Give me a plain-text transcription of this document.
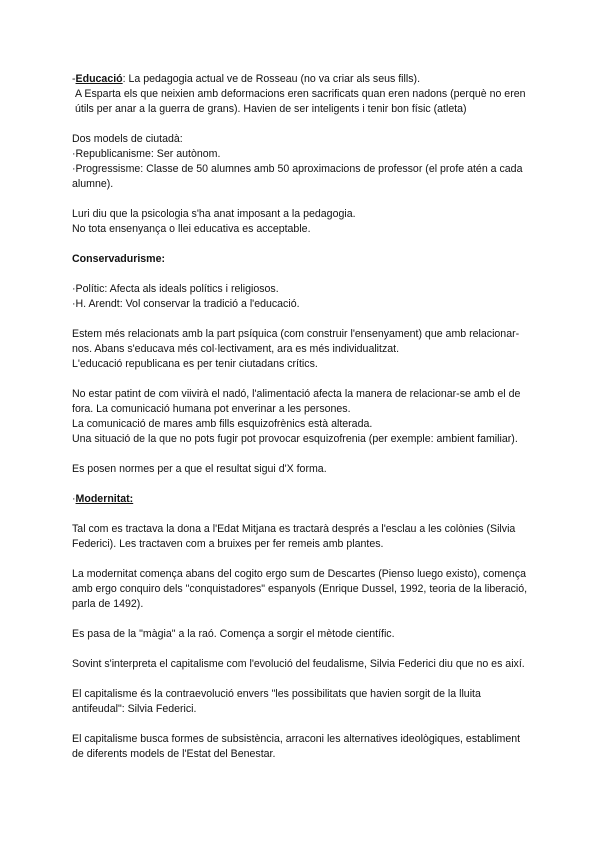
-Educació: La pedagogia actual ve de Rosseau (no va criar als seus fills).

A Esparta els que neixien amb deformacions eren sacrificats quan eren nadons (perquè no eren útils per anar a la guerra de grans). Havien de ser inteligents i tenir bon físic (atleta)

Dos models de ciutadà:

·Republicanisme: Ser autònom.

·Progressisme: Classe de 50 alumnes amb 50 aproximacions de professor (el profe atén a cada alumne).

Luri diu que la psicologia s'ha anat imposant a la pedagogia.

No tota ensenyança o llei educativa es acceptable.

Conservadurisme:

·Polític: Afecta als ideals polítics i religiosos.

·H. Arendt: Vol conservar la tradició a l'educació.

Estem més relacionats amb la part psíquica (com construir l'ensenyament) que amb relacionar-nos. Abans s'educava més col·lectivament, ara es més individualitzat.

L'educació republicana es per tenir ciutadans crítics.

No estar patint de com viivirà el nadó, l'alimentació afecta la manera de relacionar-se amb el de fora. La comunicació humana pot enverinar a les persones.

La comunicació de mares amb fills esquizofrènics està alterada.

Una situació de la que no pots fugir pot provocar esquizofrenia (per exemple: ambient familiar).

Es posen normes per a que el resultat sigui d'X forma.

·Modernitat:

Tal com es tractava la dona a l'Edat Mitjana es tractarà després a l'esclau a les colònies (Silvia Federici). Les tractaven com a bruixes per fer remeis amb plantes.

La modernitat comença abans del cogito ergo sum de Descartes (Pienso luego existo), comença amb ergo conquiro dels "conquistadores" espanyols (Enrique Dussel, 1992, teoria de la liberació, parla de 1492).

Es pasa de la "màgia" a la raó. Comença a sorgir el mètode científic.

Sovint s'interpreta el capitalisme com l'evolució del feudalisme, Silvia Federici diu que no es així.

El capitalisme és la contraevolució envers "les possibilitats que havien sorgit de la lluita antifeudal": Silvia Federici.

El capitalisme busca formes de subsistència, arraconi les alternatives ideològiques, establiment de diferents models de l'Estat del Benestar.
